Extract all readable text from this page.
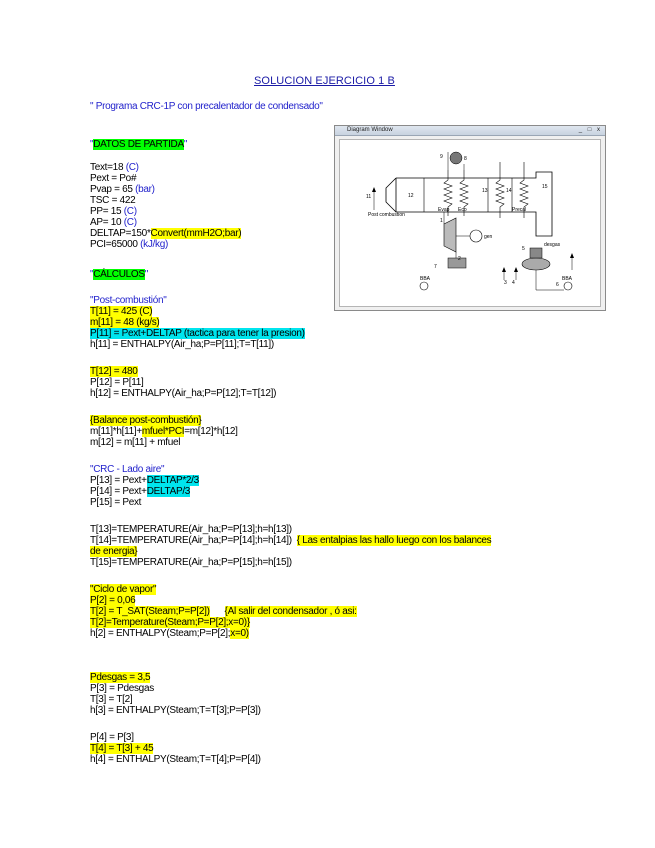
SOLUCION EJERCICIO 1 B
" Programa CRC-1P con precalentador de condensado"
"DATOS DE PARTIDA"
Text=18 (C)
Pext = Po#
Pvap = 65 (bar)
TSC = 422
PP= 15 (C)
AP= 10 (C)
DELTAP=150*Convert(mmH2O;bar)
PCI=65000 (kJ/kg)
"CÁLCULOS"
"Post-combustión"
T[11] = 425 (C)
m[11] = 48 (kg/s)
P[11] = Pext+DELTAP (tactica para tener la presion)
h[11] = ENTHALPY(Air_ha;P=P[11];T=T[11])
T[12] = 480
P[12] = P[11]
h[12] = ENTHALPY(Air_ha;P=P[12];T=T[12])
{Balance post-combustión}
m[11]*h[11]+mfuel*PCI=m[12]*h[12]
m[12] = m[11] + mfuel
"CRC - Lado aire"
P[13] = Pext+DELTAP*2/3
P[14] = Pext+DELTAP/3
P[15] = Pext
T[13]=TEMPERATURE(Air_ha;P=P[13];h=h[13])
T[14]=TEMPERATURE(Air_ha;P=P[14];h=h[14]) { Las entalpias las hallo luego con los balances
de energia}
T[15]=TEMPERATURE(Air_ha;P=P[15];h=h[15])
"Ciclo de vapor"
P[2] = 0,06
T[2] = T_SAT(Steam;P=P[2]) {Al salir del condensador , ó asi:
T[2]=Temperature(Steam;P=P[2];x=0)}
h[2] = ENTHALPY(Steam;P=P[2];x=0)
Pdesgas = 3,5
P[3] = Pdesgas
T[3] = T[2]
h[3] = ENTHALPY(Steam;T=T[3];P=P[3])
P[4] = P[3]
T[4] = T[3] + 45
h[4] = ENTHALPY(Steam;T=T[4];P=P[4])
Diagram Window	_ □ x
11	12
13	14
15
1
2
3 4
5
6
7
8
9
Post combustion
Evap Eco	Precal
gen
desgas
BBA	BBA
